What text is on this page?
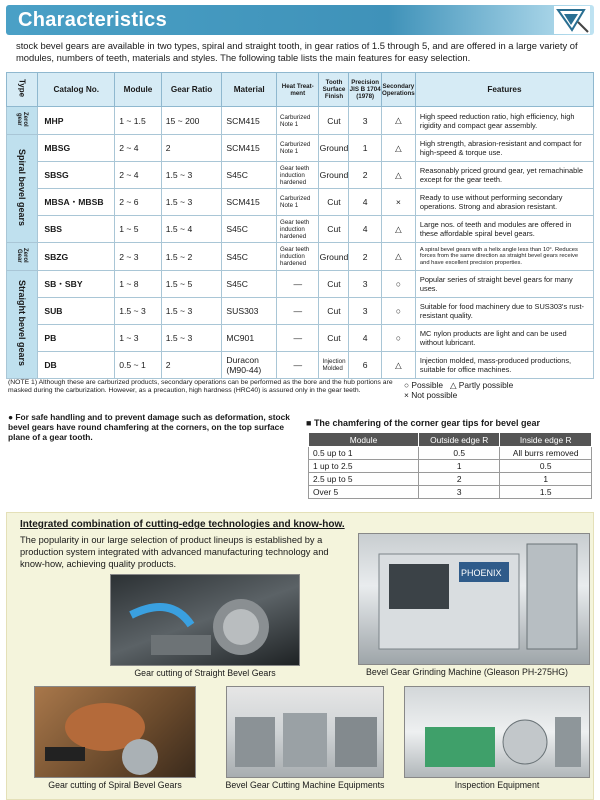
Characteristics
stock bevel gears are available in two types, spiral and straight tooth, in gear ratios of 1.5 through 5, and are offered in a large variety of modules, numbers of teeth, materials and styles. The following table lists the main features for easy selection.
Type	Catalog No.	Module	Gear Ratio	Material	Heat Treat-ment	Tooth Surface Finish	Precision JIS B 1704 (1978)	Secondary Operations	Features
Zerol gear	MHP	1 ~ 1.5	15 ~ 200	SCM415	Carburized Note 1	Cut	3	△	High speed reduction ratio, high efficiency, high rigidity and compact gear assembly.
Spiral bevel gears	MBSG	2 ~ 4	2	SCM415	Carburized Note 1	Ground	1	△	High strength, abrasion-resistant and compact for high-speed & torque use.
	SBSG	2 ~ 4	1.5 ~ 3	S45C	Gear teeth induction hardened	Ground	2	△	Reasonably priced ground gear, yet remachinable except for the gear teeth.
	MBSA・MBSB	2 ~ 6	1.5 ~ 3	SCM415	Carburized Note 1	Cut	4	×	Ready to use without performing secondary operations. Strong and abrasion resistant.
	SBS	1 ~ 5	1.5 ~ 4	S45C	Gear teeth induction hardened	Cut	4	△	Large nos. of teeth and modules are offered in these affordable spiral bevel gears.
Zerol Gear	SBZG	2 ~ 3	1.5 ~ 2	S45C	Gear teeth induction hardened	Ground	2	△	A spiral bevel gears with a helix angle less than 10°. Reduces forces from the same direction as straight bevel gears receive and have excellent precision properties.
Straight bevel gears	SB・SBY	1 ~ 8	1.5 ~ 5	S45C	—	Cut	3	○	Popular series of straight bevel gears for many uses.
	SUB	1.5 ~ 3	1.5 ~ 3	SUS303	—	Cut	3	○	Suitable for food machinery due to SUS303's rust-resistant quality.
	PB	1 ~ 3	1.5 ~ 3	MC901	—	Cut	4	○	MC nylon products are light and can be used without lubricant.
	DB	0.5 ~ 1	2	Duracon (M90-44)	—	Injection Molded	6	△	Injection molded, mass-produced productions, suitable for office machines.
(NOTE 1) Although these are carburized products, secondary operations can be performed as the bore and the hub portions are masked during the carburization. However, as a precaution, high hardness (HRC40) is assured only in the gear teeth.
○ Possible △ Partly possible
× Not possible
● For safe handling and to prevent damage such as deformation, stock bevel gears have round chamfering at the corners, on the top surface plane of a gear tooth.
■ The chamfering of the corner gear tips for bevel gear
Module	Outside edge R	Inside edge R
0.5 up to 1	0.5	All burrs removed
1 up to 2.5	1	0.5
2.5 up to 5	2	1
Over 5	3	1.5
Integrated combination of cutting-edge technologies and know-how.
The popularity in our large selection of product lineups is established by a production system integrated with advanced manufacturing technology and know-how, achieving quality products.
Gear cutting of Straight Bevel Gears
PHOENIX
Bevel Gear Grinding Machine (Gleason PH-275HG)
Gear cutting of Spiral Bevel Gears	Bevel Gear Cutting Machine Equipments	Inspection Equipment
